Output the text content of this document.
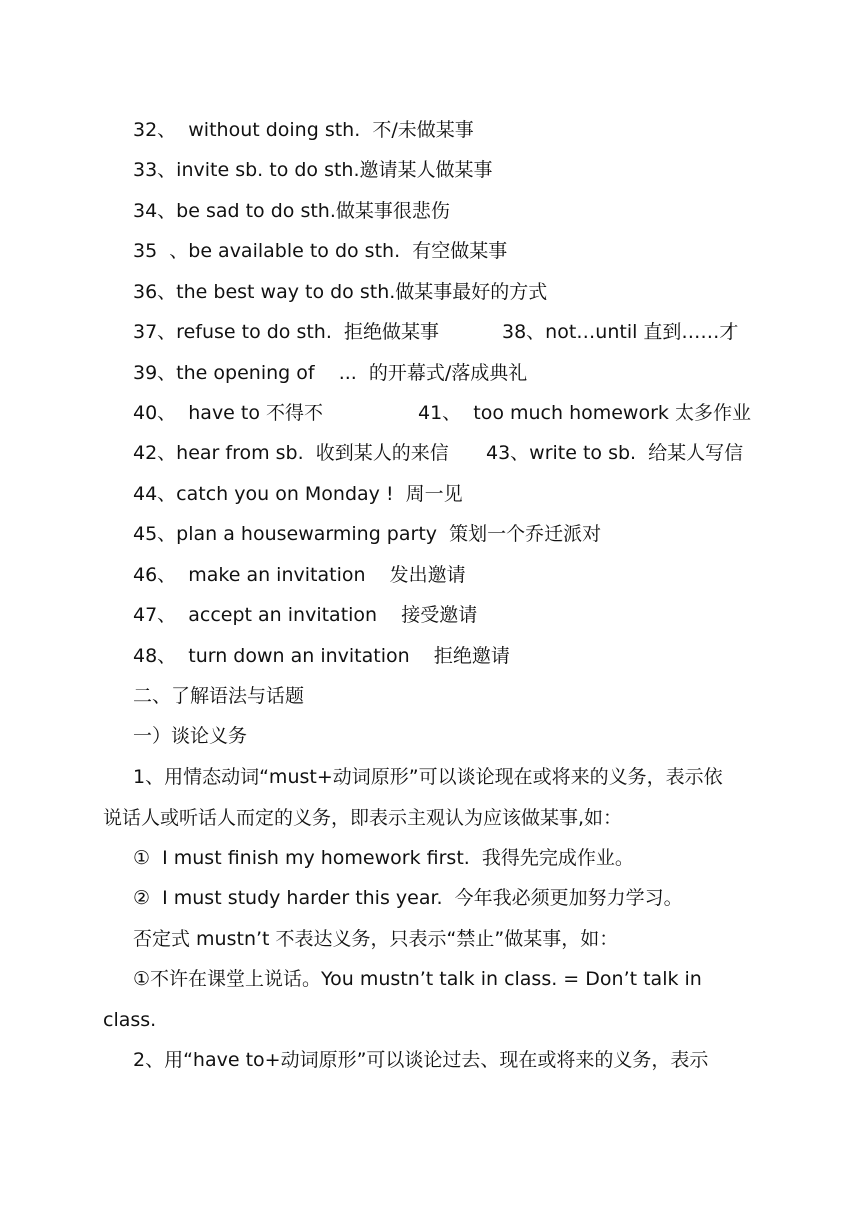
32、  without doing sth.  不/未做某事
33、invite sb. to do sth.邀请某人做某事
34、be sad to do sth.做某事很悲伤
35  、be available to do sth.  有空做某事
36、the best way to do sth.做某事最好的方式
37、refuse to do sth.  拒绝做某事	38、not…until 直到……才
39、the opening of    ...  的开幕式/落成典礼
40、  have to 不得不	41、  too much homework 太多作业
42、hear from sb.  收到某人的来信 43、write to sb.  给某人写信
44、catch you on Monday !  周一见
45、plan a housewarming party  策划一个乔迁派对
46、  make an invitation    发出邀请
47、  accept an invitation    接受邀请
48、  turn down an invitation    拒绝邀请
二、了解语法与话题
一）谈论义务
1、用情态动词“must+动词原形”可以谈论现在或将来的义务，表示依
说话人或听话人而定的义务，即表示主观认为应该做某事,如：
①  I must finish my homework first.  我得先完成作业。
②  I must study harder this year.  今年我必须更加努力学习。
否定式 mustn’t 不表达义务，只表示“禁止”做某事，如：
①不许在课堂上说话。You mustn’t talk in class. = Don’t talk in
class.
2、用“have to+动词原形”可以谈论过去、现在或将来的义务，表示
